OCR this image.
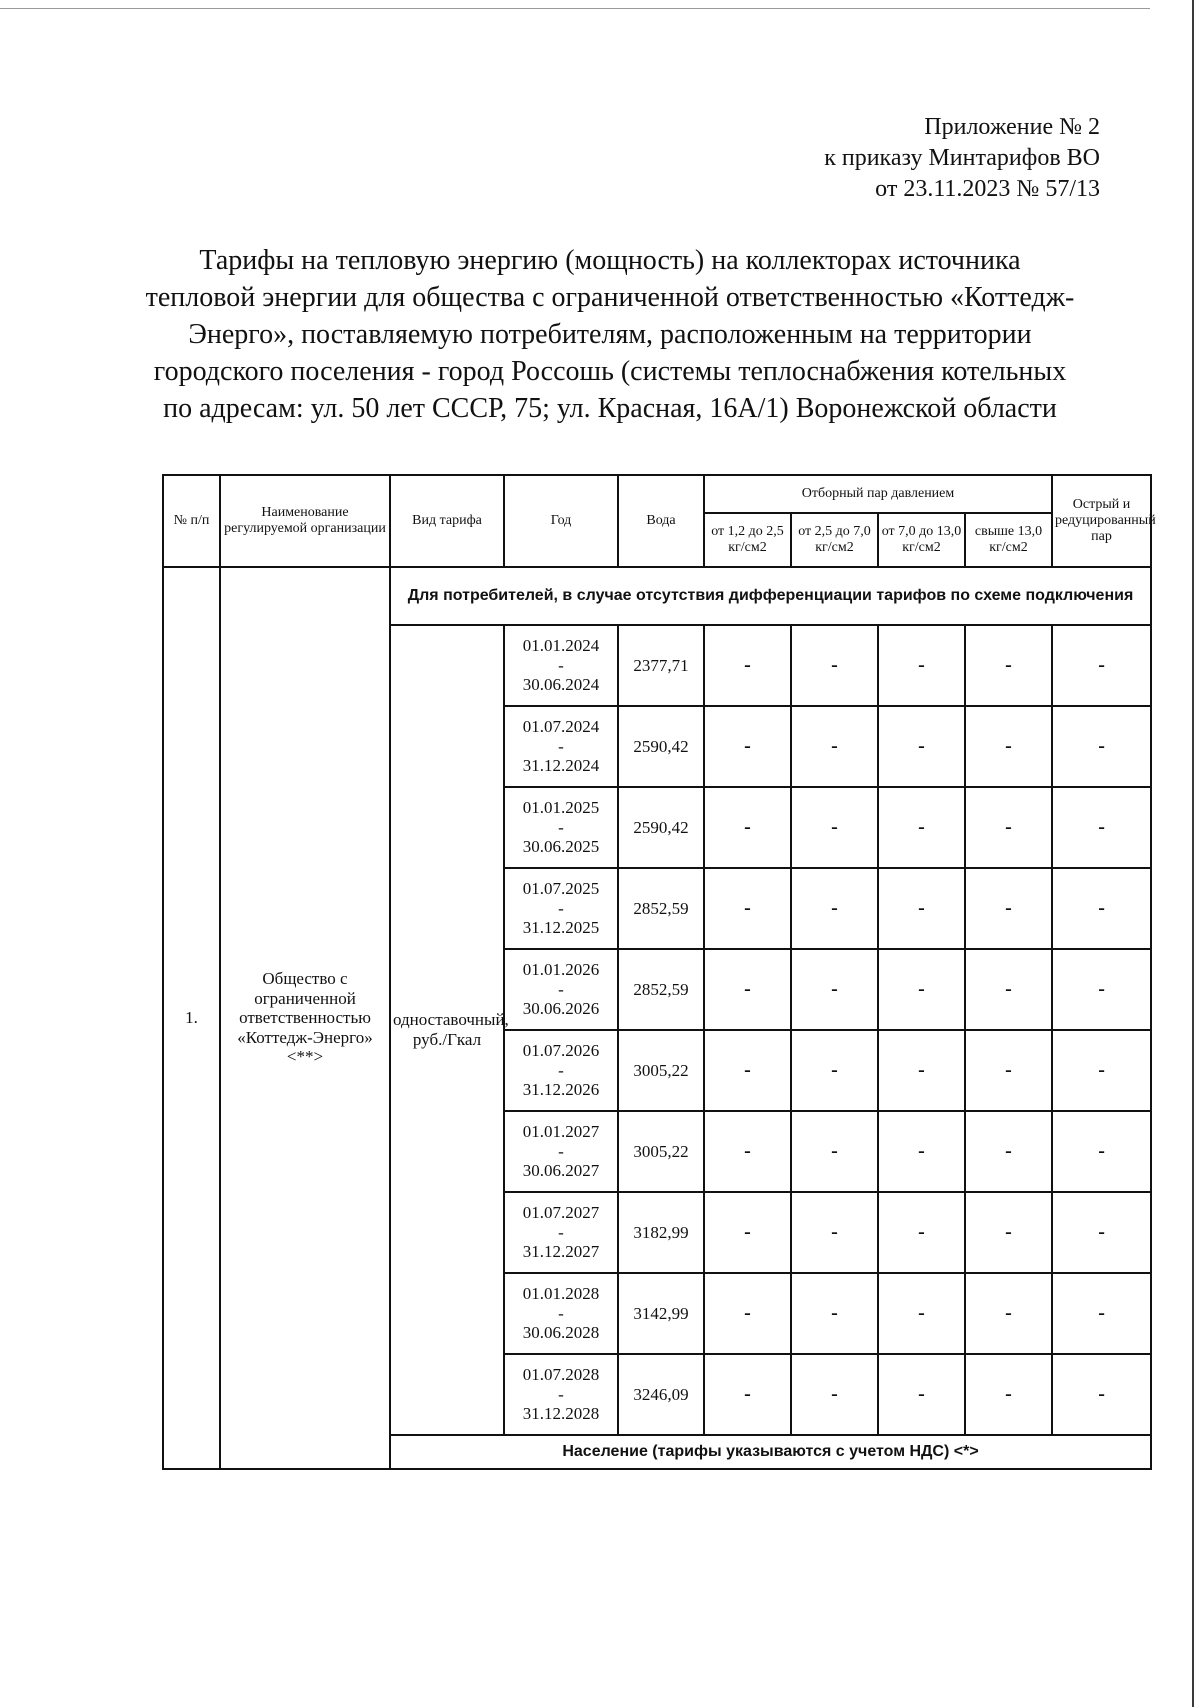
Приложение № 2
к приказу Минтарифов ВО
от 23.11.2023 № 57/13
Тарифы на тепловую энергию (мощность) на коллекторах источника
тепловой энергии для общества с ограниченной ответственностью «Коттедж-
Энерго», поставляемую потребителям, расположенным на территории
городского поселения - город Россошь (системы теплоснабжения котельных
по адресам: ул. 50 лет СССР, 75; ул. Красная, 16А/1) Воронежской области
№ п/п	Наименование регулируемой организации	Вид тарифа	Год	Вода	Отборный пар давлением				Острый и редуцированный пар
					от 1,2 до 2,5 кг/см2	от 2,5 до 7,0 кг/см2	от 7,0 до 13,0 кг/см2	свыше 13,0 кг/см2	
1.	Общество с ограниченной ответственностью «Коттедж-Энерго» <**>	Для потребителей, в случае отсутствия дифференциации тарифов по схеме подключения							
		одноставочный, руб./Гкал	01.01.2024
-
30.06.2024	2377,71	-	-	-	-	-

			01.07.2024
-
31.12.2024	2590,42	-	-	-	-	-

			01.01.2025
-
30.06.2025	2590,42	-	-	-	-	-

			01.07.2025
-
31.12.2025	2852,59	-	-	-	-	-

			01.01.2026
-
30.06.2026	2852,59	-	-	-	-	-

			01.07.2026
-
31.12.2026	3005,22	-	-	-	-	-

			01.01.2027
-
30.06.2027	3005,22	-	-	-	-	-

			01.07.2027
-
31.12.2027	3182,99	-	-	-	-	-

			01.01.2028
-
30.06.2028	3142,99	-	-	-	-	-

			01.07.2028
-
31.12.2028	3246,09	-	-	-	-	-
		Население (тарифы указываются с учетом НДС) <*>							
